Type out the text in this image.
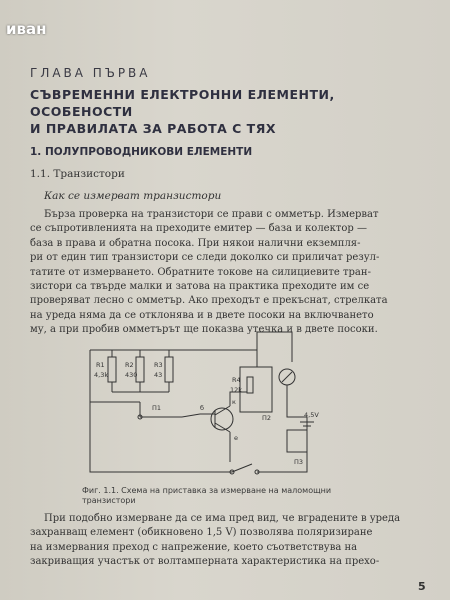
иван
ГЛАВА ПЪРВА
СЪВРЕМЕННИ ЕЛЕКТРОННИ ЕЛЕМЕНТИ, ОСОБЕНОСТИ
И ПРАВИЛАТА ЗА РАБОТА С ТЯХ
1. ПОЛУПРОВОДНИКОВИ ЕЛЕМЕНТИ
1.1. Транзистори
Как се измерват транзистори
Бърза проверка на транзистори се прави с омметър. Измерват
се съпротивленията на преходите емитер — база и колектор —
база в права и обратна посока. При някои налични екземпля-
ри от един тип транзистори се следи доколко си приличат резул-
татите от измерването. Обратните токове на силициевите тран-
зистори са твърде малки и затова на практика преходите им се
проверяват лесно с омметър. Ако преходът е прекъснат, стрелката
на уреда няма да се отклонява и в двете посоки на включването
му, а при пробив омметърът ще показва утечка и в двете посоки.
R1
4,3k
R2
430
R3
43
R4
12k
П1
П2
П3
б
к
е
4,5V
Фиг. 1.1. Схема на приставка за измерване на маломощни
транзистори
При подобно измерване да се има пред вид, че вградените в уреда
захранващ елемент (обикновено 1,5 V) позволява поляризиране
на измервания преход с напрежение, което съответствува на
закриващия участък от волтамперната характеристика на прехо-
5
